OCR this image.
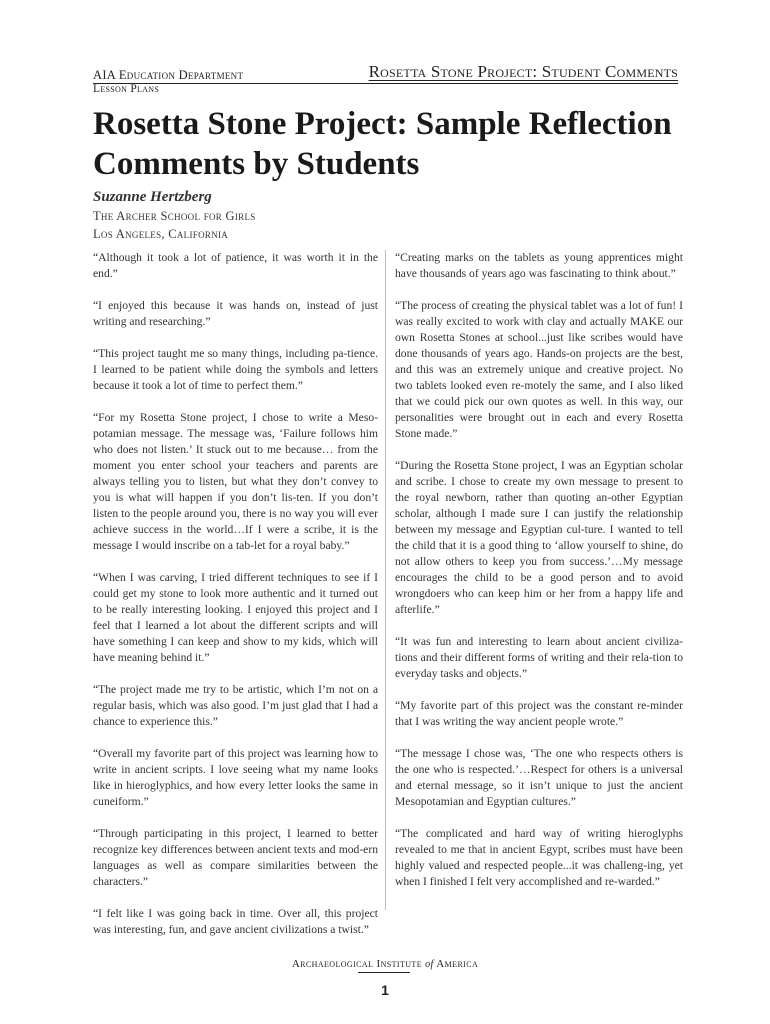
AIA Education Department
Lesson Plans
Rosetta Stone Project: Student Comments
Rosetta Stone Project: Sample Reflection Comments by Students
Suzanne Hertzberg
The Archer School for Girls
Los Angeles, California

“Although it took a lot of patience, it was worth it in the end.”

“I enjoyed this because it was hands on, instead of just writing and researching.”

“This project taught me so many things, including pa-tience. I learned to be patient while doing the symbols and letters because it took a lot of time to perfect them.”

“For my Rosetta Stone project, I chose to write a Meso-potamian message. The message was, ‘Failure follows him who does not listen.’ It stuck out to me because… from the moment you enter school your teachers and parents are always telling you to listen, but what they don’t convey to you is what will happen if you don’t lis-ten. If you don’t listen to the people around you, there is no way you will ever achieve success in the world…If I were a scribe, it is the message I would inscribe on a tab-let for a royal baby.”

“When I was carving, I tried different techniques to see if I could get my stone to look more authentic and it turned out to be really interesting looking. I enjoyed this project and I feel that I learned a lot about the different scripts and will have something I can keep and show to my kids, which will have meaning behind it.”

“The project made me try to be artistic, which I’m not on a regular basis, which was also good. I’m just glad that I had a chance to experience this.”

“Overall my favorite part of this project was learning how to write in ancient scripts. I love seeing what my name looks like in hieroglyphics, and how every letter looks the same in cuneiform.”

“Through participating in this project, I learned to better recognize key differences between ancient texts and mod-ern languages as well as compare similarities between the characters.”

“I felt like I was going back in time. Over all, this project was interesting, fun, and gave ancient civilizations a twist.”

“Creating marks on the tablets as young apprentices might have thousands of years ago was fascinating to think about.”

“The process of creating the physical tablet was a lot of fun! I was really excited to work with clay and actually MAKE our own Rosetta Stones at school...just like scribes would have done thousands of years ago. Hands-on projects are the best, and this was an extremely unique and creative project. No two tablets looked even re-motely the same, and I also liked that we could pick our own quotes as well. In this way, our personalities were brought out in each and every Rosetta Stone made.”

“During the Rosetta Stone project, I was an Egyptian scholar and scribe. I chose to create my own message to present to the royal newborn, rather than quoting an-other Egyptian scholar, although I made sure I can justify the relationship between my message and Egyptian cul-ture. I wanted to tell the child that it is a good thing to ‘allow yourself to shine, do not allow others to keep you from success.’…My message encourages the child to be a good person and to avoid wrongdoers who can keep him or her from a happy life and afterlife.”

“It was fun and interesting to learn about ancient civiliza-tions and their different forms of writing and their rela-tion to everyday tasks and objects.”

“My favorite part of this project was the constant re-minder that I was writing the way ancient people wrote.”

“The message I chose was, ‘The one who respects others is the one who is respected.’…Respect for others is a universal and eternal message, so it isn’t unique to just the ancient Mesopotamian and Egyptian cultures.”

“The complicated and hard way of writing hieroglyphs revealed to me that in ancient Egypt, scribes must have been highly valued and respected people...it was challeng-ing, yet when I finished I felt very accomplished and re-warded.”

Archaeological Institute of America
1
